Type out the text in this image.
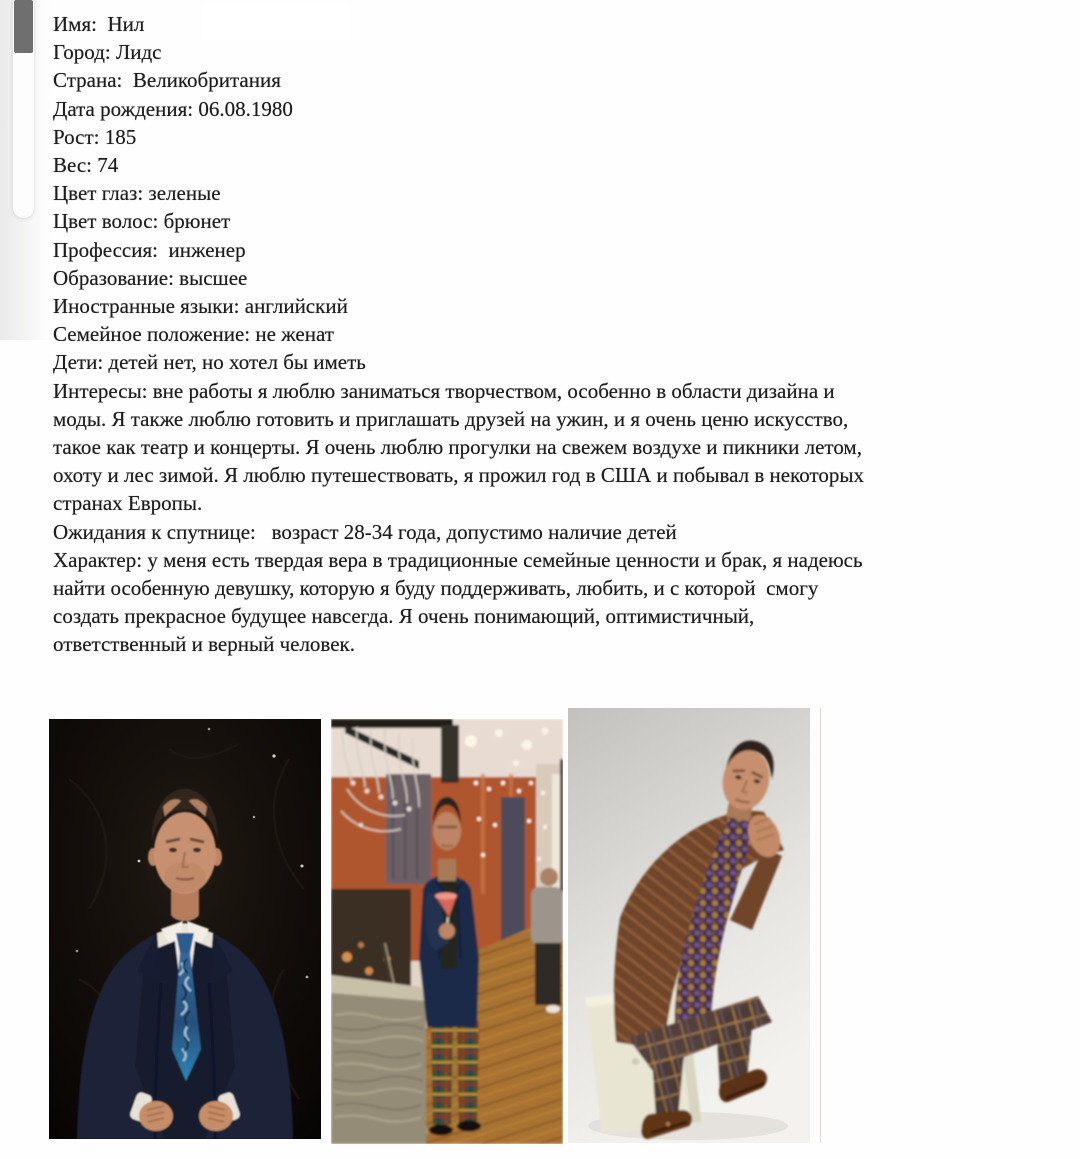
Имя:  Нил
Город: Лидс
Страна:  Великобритания
Дата рождения: 06.08.1980
Рост: 185
Вес: 74
Цвет глаз: зеленые
Цвет волос: брюнет
Профессия:  инженер
Образование: высшее
Иностранные языки: английский
Семейное положение: не женат
Дети: детей нет, но хотел бы иметь
Интересы: вне работы я люблю заниматься творчеством, особенно в области дизайна и
моды. Я также люблю готовить и приглашать друзей на ужин, и я очень ценю искусство,
такое как театр и концерты. Я очень люблю прогулки на свежем воздухе и пикники летом,
охоту и лес зимой. Я люблю путешествовать, я прожил год в США и побывал в некоторых
странах Европы.
Ожидания к спутнице:   возраст 28-34 года, допустимо наличие детей
Характер: у меня есть твердая вера в традиционные семейные ценности и брак, я надеюсь
найти особенную девушку, которую я буду поддерживать, любить, и с которой  смогу
создать прекрасное будущее навсегда. Я очень понимающий, оптимистичный,
ответственный и верный человек.
